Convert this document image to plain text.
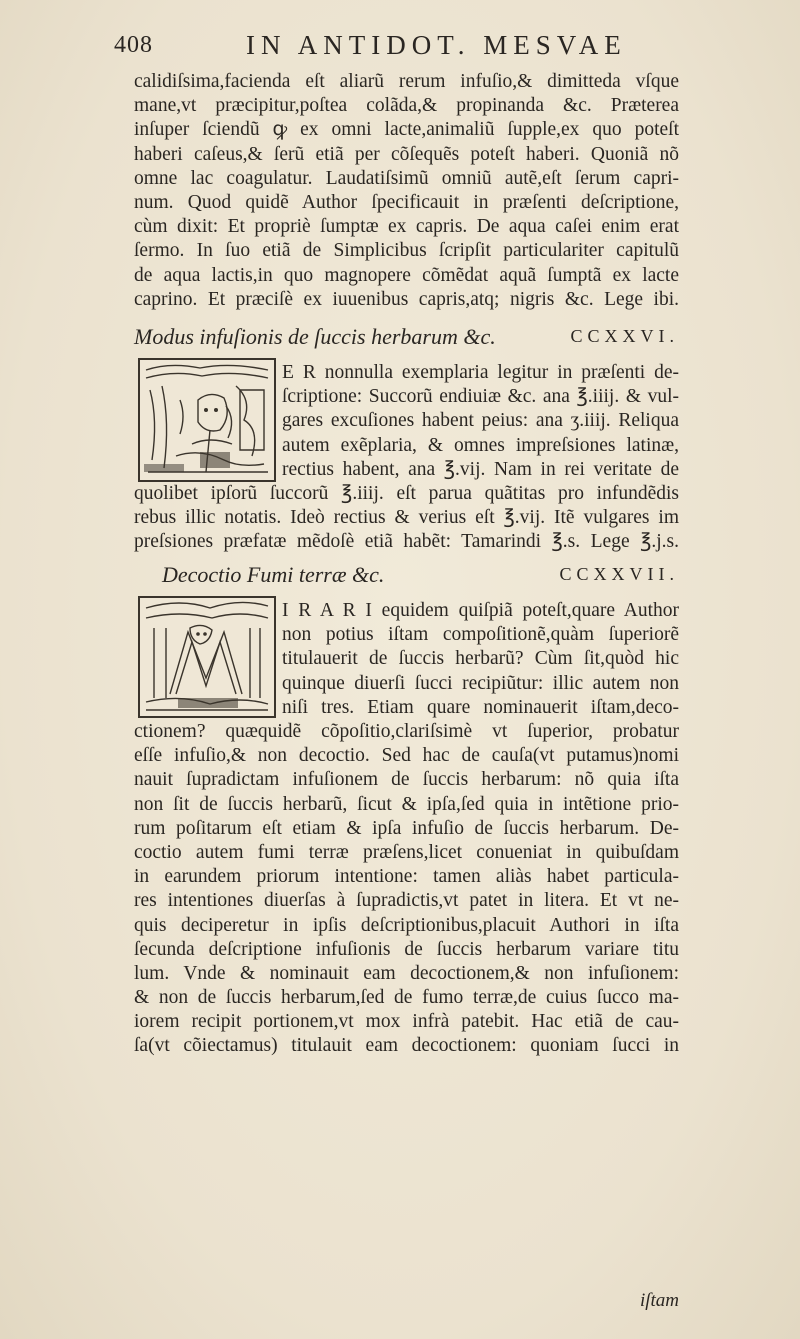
408	IN ANTIDOT. MESVAE
calidiſsima,facienda eſt aliarũ rerum infuſio,& dimitteda vſque
mane,vt præcipitur,poſtea colãda,& propinanda &c. Præterea
inſuper ſciendũ ꝙ ex omni lacte,animaliũ ſupple,ex quo poteſt
haberi caſeus,& ſerũ etiã per cõſequẽs poteſt haberi. Quoniã nõ
omne lac coagulatur. Laudatiſsimũ omniũ autẽ,eſt ſerum capri-
num. Quod quidẽ Author ſpecificauit in præſenti deſcriptione,
cùm dixit: Et propriè ſumptæ ex capris. De aqua caſei enim erat
ſermo. In ſuo etiã de Simplicibus ſcripſit particulariter capitulũ
de aqua lactis,in quo magnopere cõmẽdat aquã ſumptã ex lacte
caprino. Et præciſè ex iuuenibus capris,atq; nigris &c. Lege ibi.
Modus infuſionis de ſuccis herbarum &c.	CCXXVI.
E R nonnulla exemplaria legitur in præſenti de-
ſcriptione: Succorũ endiuiæ &c. ana ℥.iiij. & vul-
gares excuſiones habent peius: ana ʒ.iiij. Reliqua
autem exẽplaria, & omnes impreſsiones latinæ,
rectius habent, ana ℥.vij. Nam in rei veritate de
quolibet ipſorũ ſuccorũ ℥.iiij. eſt parua quãtitas pro infundẽdis
rebus illic notatis. Ideò rectius & verius eſt ℥.vij. Itẽ vulgares im
preſsiones præfatæ mẽdoſè etiã habẽt: Tamarindi ℥.s. Lege ℥.j.s.
Decoctio Fumi terræ &c.	CCXXVII.
I R A R I equidem quiſpiã poteſt,quare Author
non potius iſtam compoſitionẽ,quàm ſuperiorẽ
titulauerit de ſuccis herbarũ? Cùm ſit,quòd hic
quinque diuerſi ſucci recipiũtur: illic autem non
niſi tres. Etiam quare nominauerit iſtam,deco-
ctionem? quæquidẽ cõpoſitio,clariſsimè vt ſuperior, probatur
eſſe infuſio,& non decoctio. Sed hac de cauſa(vt putamus)nomi
nauit ſupradictam infuſionem de ſuccis herbarum: nõ quia iſta
non ſit de ſuccis herbarũ, ſicut & ipſa,ſed quia in intẽtione prio-
rum poſitarum eſt etiam & ipſa infuſio de ſuccis herbarum. De-
coctio autem fumi terræ præſens,licet conueniat in quibuſdam
in earundem priorum intentione: tamen aliàs habet particula-
res intentiones diuerſas à ſupradictis,vt patet in litera. Et vt ne-
quis deciperetur in ipſis deſcriptionibus,placuit Authori in iſta
ſecunda deſcriptione infuſionis de ſuccis herbarum variare titu
lum. Vnde & nominauit eam decoctionem,& non infuſionem:
& non de ſuccis herbarum,ſed de fumo terræ,de cuius ſucco ma-
iorem recipit portionem,vt mox infrà patebit. Hac etiã de cau-
ſa(vt cõiectamus) titulauit eam decoctionem: quoniam ſucci in
iſtam
